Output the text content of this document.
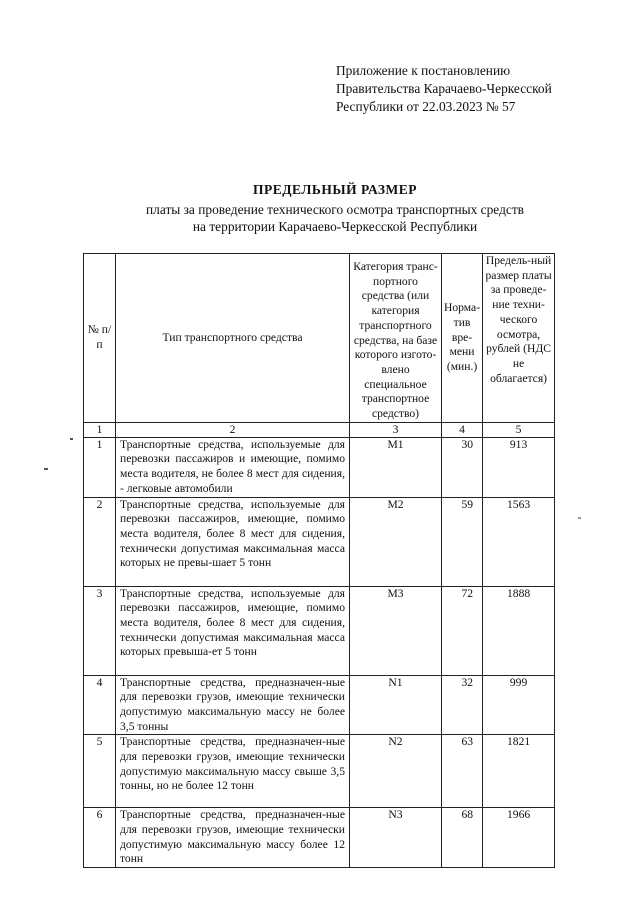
Приложение к постановлению
Правительства Карачаево-Черкесской
Республики от 22.03.2023 № 57
ПРЕДЕЛЬНЫЙ РАЗМЕР
платы за проведение технического осмотра транспортных средств
на территории Карачаево-Черкесской Республики
№ п/п	Тип транспортного средства	Категория транс-портного средства (или категория транспортного средства, на базе которого изгото-влено специальное транспортное средство)	Норма-тив вре-мени (мин.)	Предель-ный размер платы за проведе-ние техни-ческого осмотра, рублей (НДС не облагается)
1	2	3	4	5
1	Транспортные средства, используемые для перевозки пассажиров и имеющие, помимо места водителя, не более 8 мест для сидения, - легковые автомобили	M1	30	913
2	Транспортные средства, используемые для перевозки пассажиров, имеющие, помимо места водителя, более 8 мест для сидения, технически допустимая максимальная масса которых не превы-шает 5 тонн	M2	59	1563
3	Транспортные средства, используемые для перевозки пассажиров, имеющие, помимо места водителя, более 8 мест для сидения, технически допустимая максимальная масса которых превыша-ет 5 тонн	M3	72	1888
4	Транспортные средства, предназначен-ные для перевозки грузов, имеющие технически допустимую максимальную массу не более 3,5 тонны	N1	32	999
5	Транспортные средства, предназначен-ные для перевозки грузов, имеющие технически допустимую максимальную массу свыше 3,5 тонны, но не более 12 тонн	N2	63	1821
6	Транспортные средства, предназначен-ные для перевозки грузов, имеющие технически допустимую максимальную массу более 12 тонн	N3	68	1966
